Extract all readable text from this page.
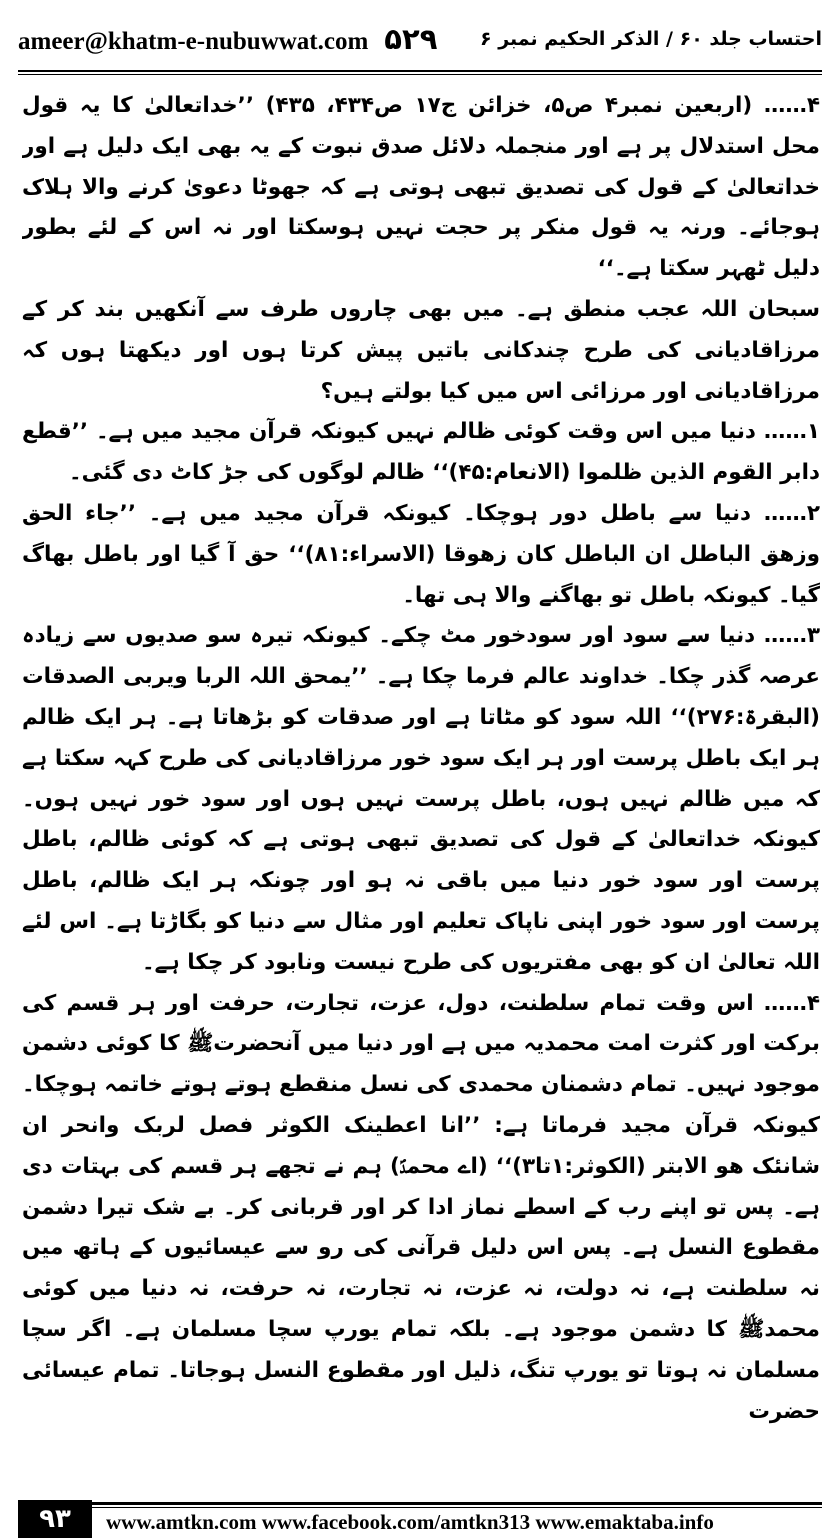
ameer@khatm-e-nubuwwat.com ۵۲۹ احتساب جلد ۶۰ / الذکر الحکیم نمبر ۶

۴…… (اربعین نمبر۴ ص۵، خزائن ج۱۷ ص۴۳۴، ۴۳۵) ’’خداتعالیٰ کا یہ قول محل استدلال پر ہے اور منجملہ دلائل صدق نبوت کے یہ بھی ایک دلیل ہے اور خداتعالیٰ کے قول کی تصدیق تبھی ہوتی ہے کہ جھوٹا دعویٰ کرنے والا ہلاک ہوجائے۔ ورنہ یہ قول منکر پر حجت نہیں ہوسکتا اور نہ اس کے لئے بطور دلیل ٹھہر سکتا ہے۔‘‘

سبحان اللہ عجب منطق ہے۔ میں بھی چاروں طرف سے آنکھیں بند کر کے مرزاقادیانی کی طرح چندکانی باتیں پیش کرتا ہوں اور دیکھتا ہوں کہ مرزاقادیانی اور مرزائی اس میں کیا بولتے ہیں؟

۱…… دنیا میں اس وقت کوئی ظالم نہیں کیونکہ قرآن مجید میں ہے۔ ’’قطع دابر القوم الذین ظلموا (الانعام:۴۵)‘‘ ظالم لوگوں کی جڑ کاٹ دی گئی۔

۲…… دنیا سے باطل دور ہوچکا۔ کیونکہ قرآن مجید میں ہے۔ ’’جاء الحق وزھق الباطل ان الباطل کان زھوقا (الاسراء:۸۱)‘‘ حق آ گیا اور باطل بھاگ گیا۔ کیونکہ باطل تو بھاگنے والا ہی تھا۔

۳…… دنیا سے سود اور سودخور مٹ چکے۔ کیونکہ تیرہ سو صدیوں سے زیادہ عرصہ گذر چکا۔ خداوند عالم فرما چکا ہے۔ ’’یمحق اللہ الربا ویربی الصدقات (البقرۃ:۲۷۶)‘‘ اللہ سود کو مٹاتا ہے اور صدقات کو بڑھاتا ہے۔ ہر ایک ظالم ہر ایک باطل پرست اور ہر ایک سود خور مرزاقادیانی کی طرح کہہ سکتا ہے کہ میں ظالم نہیں ہوں، باطل پرست نہیں ہوں اور سود خور نہیں ہوں۔ کیونکہ خداتعالیٰ کے قول کی تصدیق تبھی ہوتی ہے کہ کوئی ظالم، باطل پرست اور سود خور دنیا میں باقی نہ ہو اور چونکہ ہر ایک ظالم، باطل پرست اور سود خور اپنی ناپاک تعلیم اور مثال سے دنیا کو بگاڑتا ہے۔ اس لئے اللہ تعالیٰ ان کو بھی مفتریوں کی طرح نیست ونابود کر چکا ہے۔

۴…… اس وقت تمام سلطنت، دول، عزت، تجارت، حرفت اور ہر قسم کی برکت اور کثرت امت محمدیہ میں ہے اور دنیا میں آنحضرتﷺ کا کوئی دشمن موجود نہیں۔ تمام دشمنان محمدی کی نسل منقطع ہوتے ہوتے خاتمہ ہوچکا۔ کیونکہ قرآن مجید فرماتا ہے: ’’انا اعطینک الکوثر فصل لربک وانحر ان شانئک ھو الابتر (الکوثر:۱تا۳)‘‘ (اے محمدؐ) ہم نے تجھے ہر قسم کی بہتات دی ہے۔ پس تو اپنے رب کے اسطے نماز ادا کر اور قربانی کر۔ بے شک تیرا دشمن مقطوع النسل ہے۔ پس اس دلیل قرآنی کی رو سے عیسائیوں کے ہاتھ میں نہ سلطنت ہے، نہ دولت، نہ عزت، نہ تجارت، نہ حرفت، نہ دنیا میں کوئی محمدﷺ کا دشمن موجود ہے۔ بلکہ تمام یورپ سچا مسلمان ہے۔ اگر سچا مسلمان نہ ہوتا تو یورپ تنگ، ذلیل اور مقطوع النسل ہوجاتا۔ تمام عیسائی حضرت

۹۳	www.amtkn.com www.facebook.com/amtkn313 www.emaktaba.info
